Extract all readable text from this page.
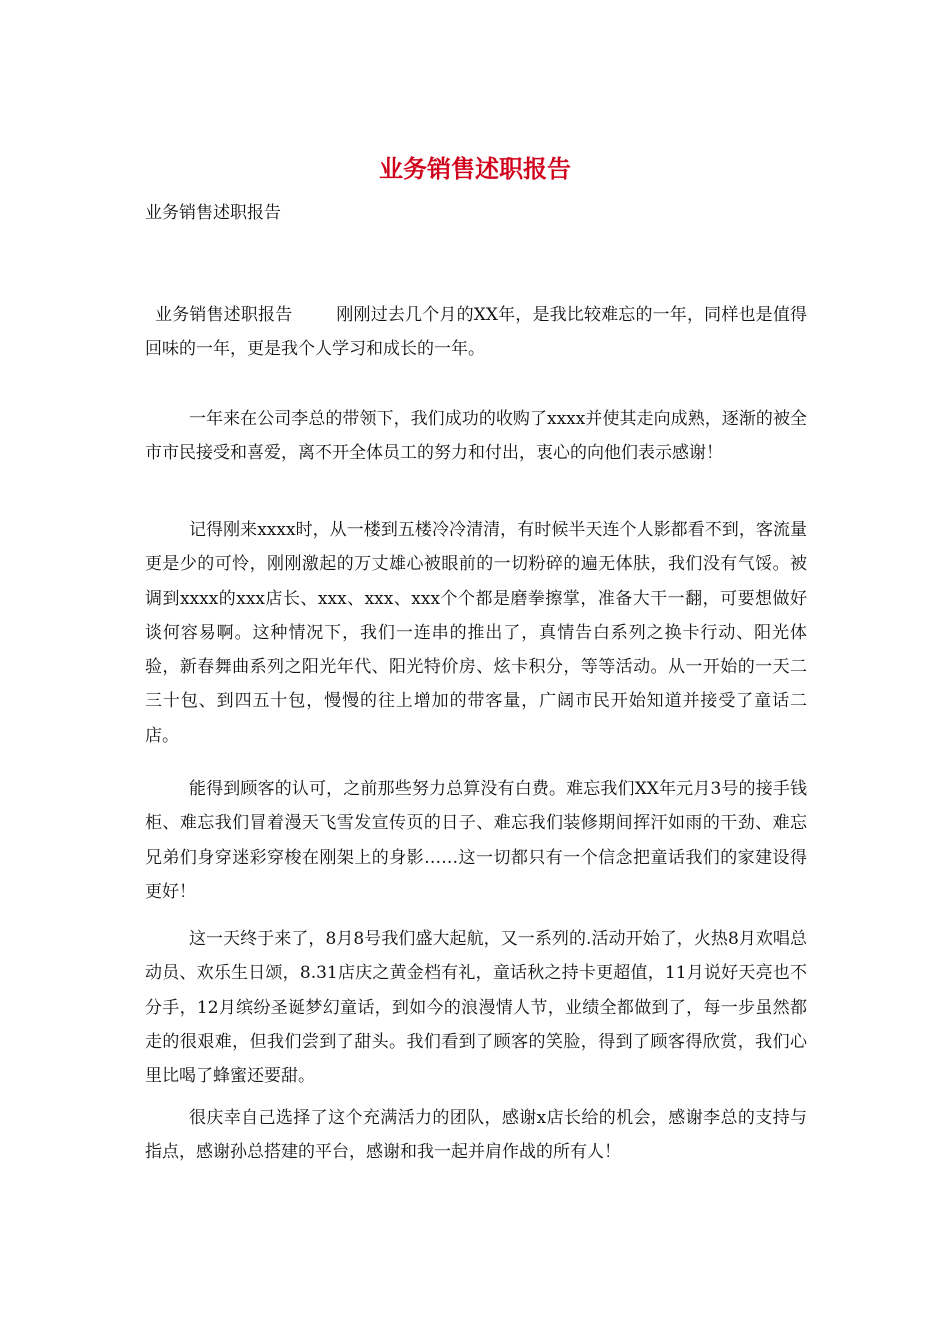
业务销售述职报告
业务销售述职报告

业务销售述职报告	刚刚过去几个月的XX年，是我比较难忘的一年，同样也是值得回味的一年，更是我个人学习和成长的一年。

一年来在公司李总的带领下，我们成功的收购了xxxx并使其走向成熟，逐渐的被全市市民接受和喜爱，离不开全体员工的努力和付出，衷心的向他们表示感谢！

记得刚来xxxx时，从一楼到五楼冷冷清清，有时候半天连个人影都看不到，客流量更是少的可怜，刚刚激起的万丈雄心被眼前的一切粉碎的遍无体肤，我们没有气馁。被调到xxxx的xxx店长、xxx、xxx、xxx个个都是磨拳擦掌，准备大干一翻，可要想做好谈何容易啊。这种情况下，我们一连串的推出了，真情告白系列之换卡行动、阳光体验，新春舞曲系列之阳光年代、阳光特价房、炫卡积分，等等活动。从一开始的一天二三十包、到四五十包，慢慢的往上增加的带客量，广阔市民开始知道并接受了童话二店。

能得到顾客的认可，之前那些努力总算没有白费。难忘我们XX年元月3号的接手钱柜、难忘我们冒着漫天飞雪发宣传页的日子、难忘我们装修期间挥汗如雨的干劲、难忘兄弟们身穿迷彩穿梭在刚架上的身影……这一切都只有一个信念把童话我们的家建设得更好！

这一天终于来了，8月8号我们盛大起航，又一系列的.活动开始了，火热8月欢唱总动员、欢乐生日颂，8.31店庆之黄金档有礼，童话秋之持卡更超值，11月说好天亮也不分手，12月缤纷圣诞梦幻童话，到如今的浪漫情人节，业绩全都做到了，每一步虽然都走的很艰难，但我们尝到了甜头。我们看到了顾客的笑脸，得到了顾客得欣赏，我们心里比喝了蜂蜜还要甜。

很庆幸自己选择了这个充满活力的团队，感谢x店长给的机会，感谢李总的支持与指点，感谢孙总搭建的平台，感谢和我一起并肩作战的所有人！
